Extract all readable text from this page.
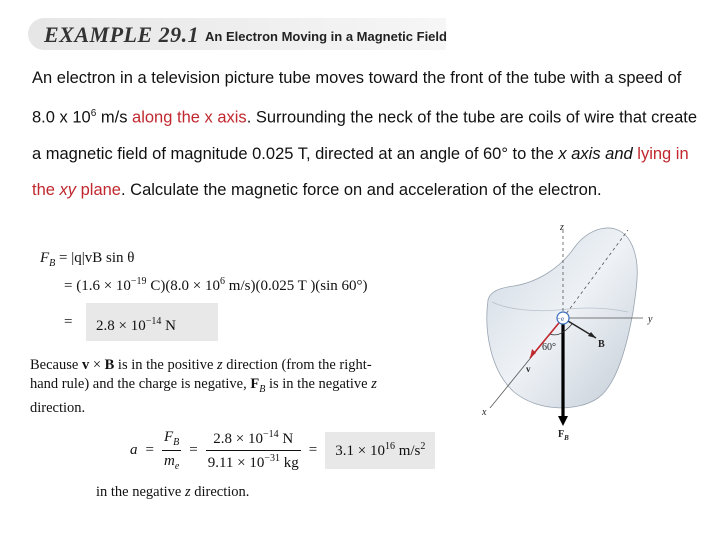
EXAMPLE 29.1 An Electron Moving in a Magnetic Field
An electron in a television picture tube moves toward the front of the tube with a speed of 8.0 x $10^6$ m/s along the x axis. Surrounding the neck of the tube are coils of wire that create a magnetic field of magnitude 0.025 T, directed at an angle of 60° to the x axis and lying in the xy plane. Calculate the magnetic force on and acceleration of the electron.
$F_B = |q|vB$ sin θ
= ($1.6 \times 10^{-19}$ $C)(8.0 \times 10^6$ m/s)(0.025 T )(sin 60°)
=	$2.8 \times 10^{-14}$ N
Because v × B is in the positive z direction (from the right-
hand rule) and the charge is negative, $F_B$ is in the negative z
direction.
$a = \frac{F_B}{m_e} = \frac{2.8 \times 10^{-14} N}{9.11 \times 10^{-31} kg}$ =	$3.1 \times 10^{16}$ $m/s^2$
in the negative z direction.
z
y
x
−e
60°	B
v
$F_B$
